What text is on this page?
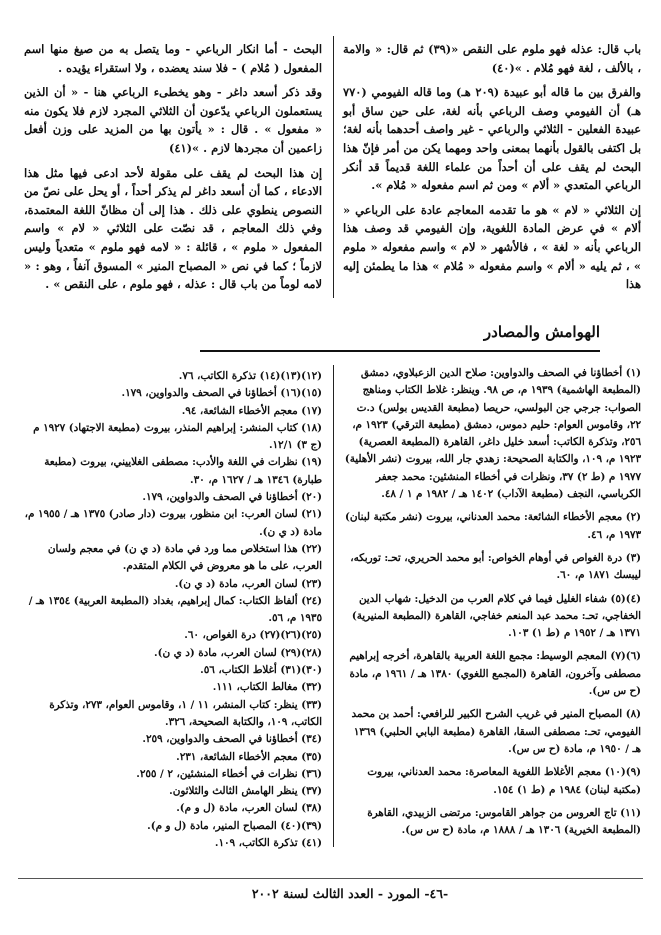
باب قال: عذله فهو ملوم على النقص «(٣٩) ثم قال: « والامة ، بالألف ، لغة فهو مُلام . »(٤٠)

والفرق بين ما قاله أبو عبيدة (٢٠٩ هـ) وما قاله الفيومي (٧٧٠ هـ) أن الفيومي وصف الرباعي بأنه لغة، على حين ساق أبو عبيدة الفعلين - الثلاثي والرباعي - غير واصف أحدهما بأنه لغة؛ بل اكتفى بالقول بأنهما بمعنى واحد ومهما يكن من أمر فإنّ هذا البحث لم يقف على أن أحداً من علماء اللغة قديماً قد أنكر الرباعي المتعدي « ألام » ومن ثم اسم مفعوله « مُلام ».

إن الثلاثي « لام » هو ما تقدمه المعاجم عادة على الرباعي « ألام » في عرض المادة اللغوية، وإن الفيومي قد وصف هذا الرباعي بأنه « لغة » ، فالأشهر « لام » واسم مفعوله « ملوم » ، ثم يليه « ألام » واسم مفعوله « مُلام » هذا ما يطمئن إليه هذا

البحث - أما انكار الرباعي - وما يتصل به من صيغ منها اسم المفعول ( مُلام ) - فلا سند يعضده ، ولا استقراء يؤيده .

وقد ذكر أسعد داغر - وهو يخطىء الرباعي هنا - « أن الذين يستعملون الرباعي يدّعون أن الثلاثي المجرد لازم فلا يكون منه « مفعول » . قال : « يأتون بها من المزيد على وزن أفعل زاعمين أن مجردها لازم . »(٤١)

إن هذا البحث لم يقف على مقولة لأحد ادعى فيها مثل هذا الادعاء ، كما أن أسعد داغر لم يذكر أحداً ، أو يحل على نصّ من النصوص ينطوي على ذلك . هذا إلى أن مظانّ اللغة المعتمدة، وفي ذلك المعاجم ، قد نصّت على الثلاثي « لام » واسم المفعول « ملوم » ، قائلة : « لامه فهو ملوم » متعدياً وليس لازماً ؛ كما في نص « المصباح المنير » المسوق آنفاً ، وهو : « لامه لوماً من باب قال : عذله ، فهو ملوم ، على النقص » .

الهوامش والمصادر
(١) أخطاؤنا في الصحف والدواوين: صلاح الدين الزعبلاوي، دمشق (المطبعة الهاشمية) ١٩٣٩ م، ص ٩٨. وينظر: غلاط الكتاب ومناهج الصواب: جرجي جن البولسي، حريصا (مطبعة القديس بولس) د.ت ٢٢، وقاموس العوام: حليم دموس، دمشق (مطبعة الترقي) ١٩٢٣ م، ٢٥٦، وتذكرة الكاتب: أسعد خليل داغر، القاهرة (المطبعة العصرية) ١٩٢٣ م، ١٠٩، والكتابة الصحيحة: زهدي جار الله، بيروت (نشر الأهلية) ١٩٧٧ م (ط ٢) ٣٧، ونظرات في أخطاء المنشئين: محمد جعفر الكرباسي، النجف (مطبعة الآداب) ١٤٠٢ هـ / ١٩٨٢ م ١ / ٤٨.
(٢) معجم الأخطاء الشائعة: محمد العدناني، بيروت (نشر مكتبة لبنان) ١٩٧٣ م، ٤٦.
(٣) درة الغواص في أوهام الخواص: أبو محمد الحريري، تحـ: توربكه، ليبسك ١٨٧١ م، ٦٠.
(٤)(٥) شفاء الغليل فيما في كلام العرب من الدخيل: شهاب الدين الخفاجي، تحـ: محمد عبد المنعم خفاجي، القاهرة (المطبعة المنيرية) ١٣٧١ هـ / ١٩٥٢ م (ط ١) ١٠٣.
(٦)(٧) المعجم الوسيط: مجمع اللغة العربية بالقاهرة، أخرجه إبراهيم مصطفى وآخرون، القاهرة (المجمع اللغوي) ١٣٨٠ هـ / ١٩٦١ م، مادة (ح س س).
(٨) المصباح المنير في غريب الشرح الكبير للرافعي: أحمد بن محمد الفيومي، تحـ: مصطفى السقا، القاهرة (مطبعة البابي الحلبي) ١٣٦٩ هـ / ١٩٥٠ م، مادة (ح س س).
(٩)(١٠) معجم الأغلاط اللغوية المعاصرة: محمد العدناني، بيروت (مكتبة لبنان) ١٩٨٤ م (ط ١) ١٥٤.
(١١) تاج العروس من جواهر القاموس: مرتضى الزبيدي، القاهرة (المطبعة الخيرية) ١٣٠٦ هـ / ١٨٨٨ م، مادة (ح س س).
(١٢)(١٣)(١٤) تذكرة الكاتب، ٧٦.
(١٥)(١٦) أخطاؤنا في الصحف والدواوين، ١٧٩.
(١٧) معجم الأخطاء الشائعة، ٩٤.
(١٨) كتاب المنشر: إبراهيم المنذر، بيروت (مطبعة الاجتهاد) ١٩٢٧ م (ج ٣) ١٢/١.
(١٩) نظرات في اللغة والأدب: مصطفى الغلاييني، بيروت (مطبعة طبارة) ١٣٤٦ هـ / ١٦٢٧ م، ٣٠.
(٢٠) أخطاؤنا في الصحف والدواوين، ١٧٩.
(٢١) لسان العرب: ابن منظور، بيروت (دار صادر) ١٣٧٥ هـ / ١٩٥٥ م، مادة (د ي ن).
(٢٢) هذا استخلاص مما ورد في مادة (د ي ن) في معجم ولسان العرب، على ما هو معروض في الكلام المتقدم.
(٢٣) لسان العرب، مادة (د ي ن).
(٢٤) ألفاظ الكتاب: كمال إبراهيم، بغداد (المطبعة العربية) ١٣٥٤ هـ / ١٩٣٥ م، ٥٦.
(٢٥)(٢٦)(٢٧) درة الغواص، ٦٠.
(٢٨)(٢٩) لسان العرب، مادة (د ي ن).
(٣٠)(٣١) أغلاط الكتاب، ٥٦.
(٣٢) مغالط الكتاب، ١١١.
(٣٣) ينظر: كتاب المنشر، ١١ / ١، وقاموس العوام، ٢٧٣، وتذكرة الكاتب، ١٠٩، والكتابة الصحيحة، ٣٢٦.
(٣٤) أخطاؤنا في الصحف والدواوين، ٢٥٩.
(٣٥) معجم الأخطاء الشائعة، ٢٣١.
(٣٦) نظرات في أخطاء المنشئين، ٢ / ٢٥٥.
(٣٧) ينظر الهامش الثالث والثلاثون.
(٣٨) لسان العرب، مادة (ل و م).
(٣٩)(٤٠) المصباح المنير، مادة (ل و م).
(٤١) تذكرة الكاتب، ١٠٩.
-٤٦- المورد - العدد الثالث لسنة ٢٠٠٢
